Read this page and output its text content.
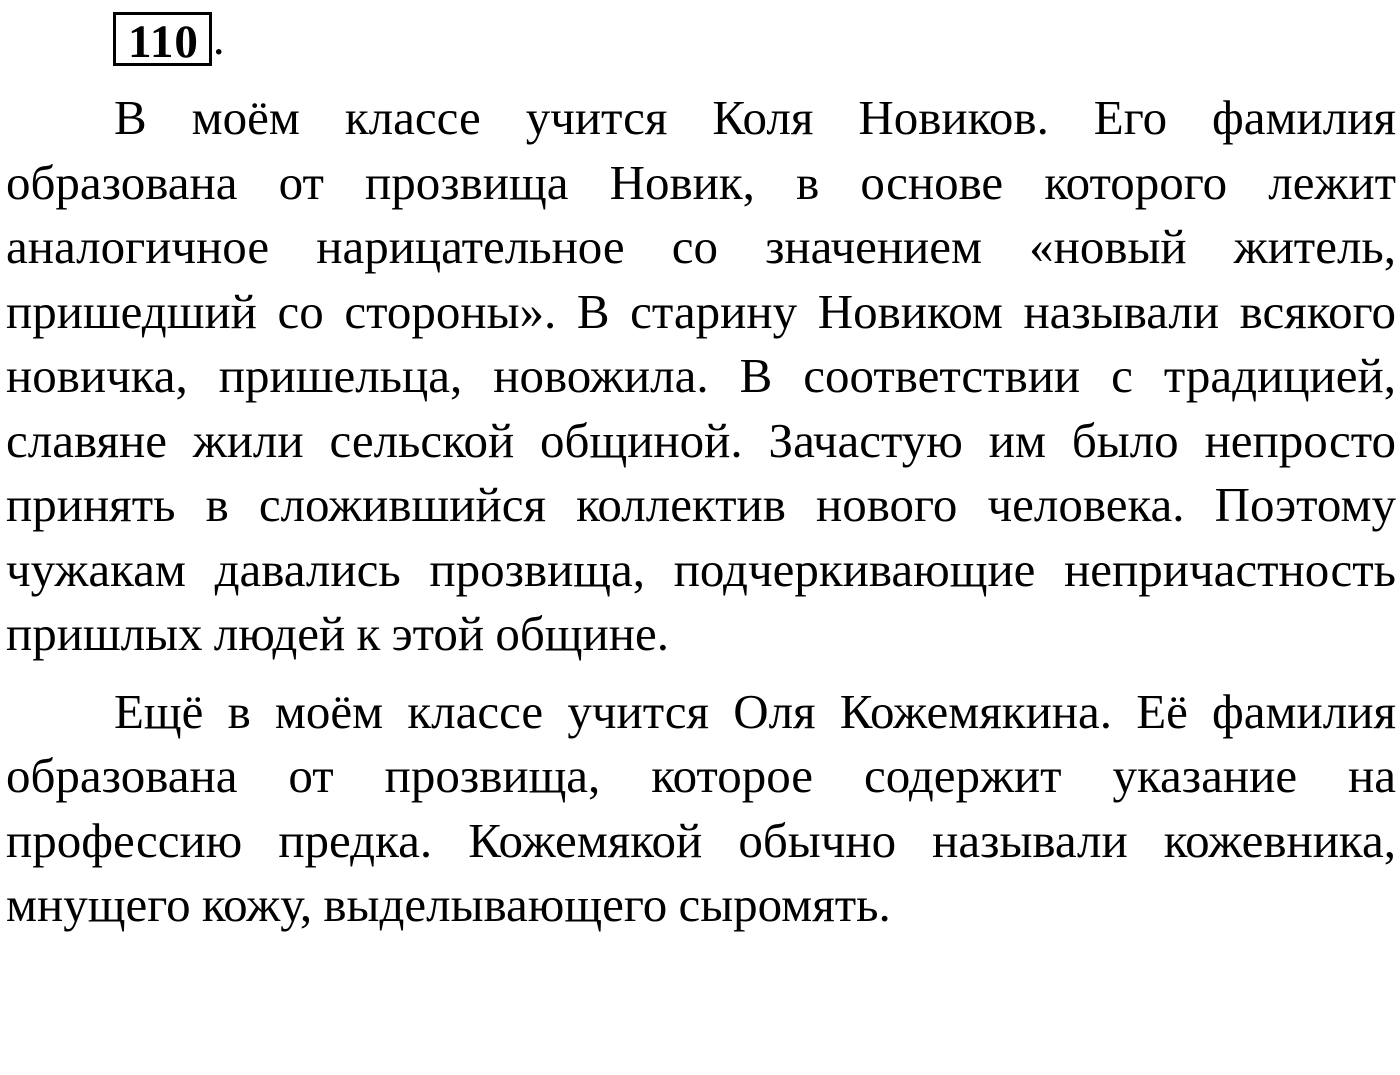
110 .

В моём классе учится Коля Новиков. Его фамилия образована от прозвища Новик, в основе которого лежит аналогичное нарицательное со значением «новый житель, пришедший со стороны». В старину Новиком называли всякого новичка, пришельца, новожила. В соответствии с традицией, славяне жили сельской общиной. Зачастую им было непросто принять в сложившийся коллектив нового человека. Поэтому чужакам давались прозвища, подчеркивающие непричастность пришлых людей к этой общине.

Ещё в моём классе учится Оля Кожемякина. Её фамилия образована от прозвища, которое содержит указание на профессию предка. Кожемякой обычно называли кожевника, мнущего кожу, выделывающего сыромять.
